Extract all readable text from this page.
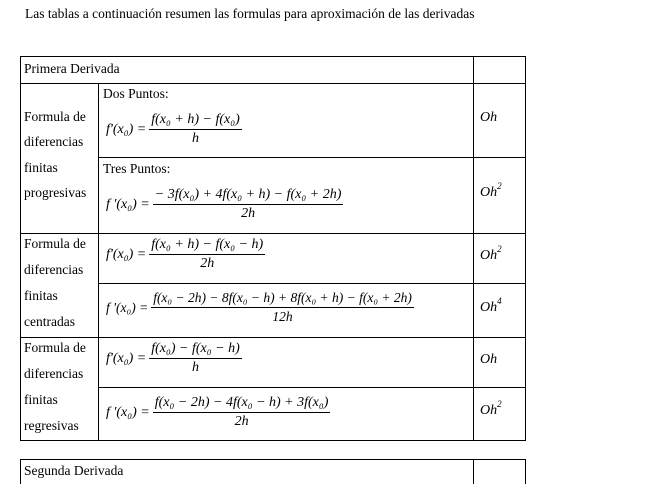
Las tablas a continuación resumen las formulas para aproximación de las derivadas
Primera Derivada
Formula de
diferencias
finitas
progresivas
Formula de
diferencias
finitas
centradas
Formula de
diferencias
finitas
regresivas
Dos Puntos:
Tres Puntos:
$f'(x_0) = \frac{\text{f(x₀ + h) − f(x₀)}}{h}$
f '$(x_0) = \frac{\text{− 3f(x₀) + 4f(x₀ + h) − f(x₀ + 2h)}}{2h}$
$f'(x_0) = \frac{\text{f(x₀ + h) − f(x₀ − h)}}{2h}$
f '$(x_0) = \frac{\text{f(x₀ − 2h) − 8f(x₀ − h) + 8f(x₀ + h) − f(x₀ + 2h)}}{12h}$
$f'(x_0) = \frac{\text{f(x₀) − f(x₀ − h)}}{h}$
f '$(x_0) = \frac{\text{f(x₀ − 2h) − 4f(x₀ − h) + 3f(x₀)}}{2h}$
Oh
Oh$^2$
Oh$^2$
Oh$^4$
Oh
Oh$^2$
Segunda Derivada
